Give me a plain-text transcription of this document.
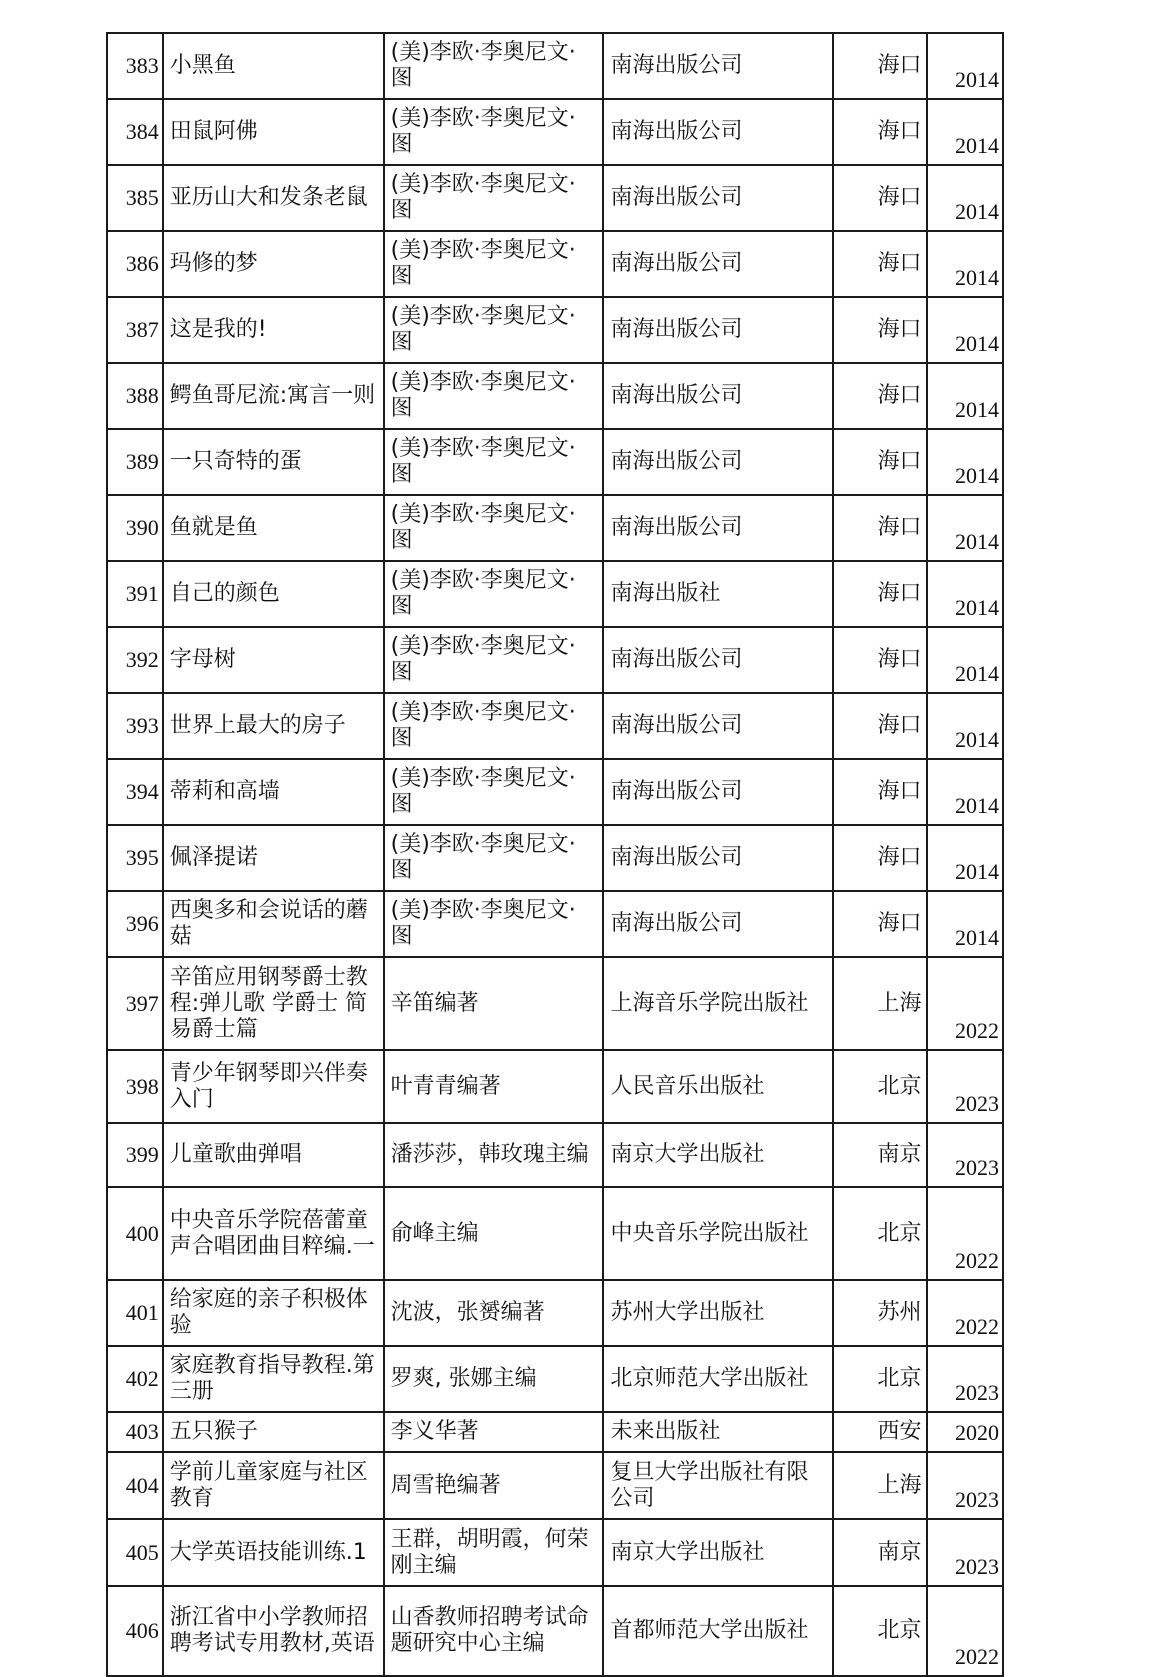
383	小黑鱼	(美)李欧·李奥尼文·图	南海出版公司	海口	2014
384	田鼠阿佛	(美)李欧·李奥尼文·图	南海出版公司	海口	2014
385	亚历山大和发条老鼠	(美)李欧·李奥尼文·图	南海出版公司	海口	2014
386	玛修的梦	(美)李欧·李奥尼文·图	南海出版公司	海口	2014
387	这是我的!	(美)李欧·李奥尼文·图	南海出版公司	海口	2014
388	鳄鱼哥尼流:寓言一则	(美)李欧·李奥尼文·图	南海出版公司	海口	2014
389	一只奇特的蛋	(美)李欧·李奥尼文·图	南海出版公司	海口	2014
390	鱼就是鱼	(美)李欧·李奥尼文·图	南海出版公司	海口	2014
391	自己的颜色	(美)李欧·李奥尼文·图	南海出版社	海口	2014
392	字母树	(美)李欧·李奥尼文·图	南海出版公司	海口	2014
393	世界上最大的房子	(美)李欧·李奥尼文·图	南海出版公司	海口	2014
394	蒂莉和高墙	(美)李欧·李奥尼文·图	南海出版公司	海口	2014
395	佩泽提诺	(美)李欧·李奥尼文·图	南海出版公司	海口	2014
396	西奥多和会说话的蘑菇	(美)李欧·李奥尼文·图	南海出版公司	海口	2014
397	辛笛应用钢琴爵士教程:弹儿歌 学爵士 简易爵士篇	辛笛编著	上海音乐学院出版社	上海	2022
398	青少年钢琴即兴伴奏入门	叶青青编著	人民音乐出版社	北京	2023
399	儿童歌曲弹唱	潘莎莎，韩玫瑰主编	南京大学出版社	南京	2023
400	中央音乐学院蓓蕾童声合唱团曲目粹编.一	俞峰主编	中央音乐学院出版社	北京	2022
401	给家庭的亲子积极体验	沈波，张赟编著	苏州大学出版社	苏州	2022
402	家庭教育指导教程.第三册	罗爽, 张娜主编	北京师范大学出版社	北京	2023
403	五只猴子	李义华著	未来出版社	西安	2020
404	学前儿童家庭与社区教育	周雪艳编著	复旦大学出版社有限公司	上海	2023
405	大学英语技能训练.1	王群，胡明霞，何荣刚主编	南京大学出版社	南京	2023
406	浙江省中小学教师招聘考试专用教材,英语	山香教师招聘考试命题研究中心主编	首都师范大学出版社	北京	2022
